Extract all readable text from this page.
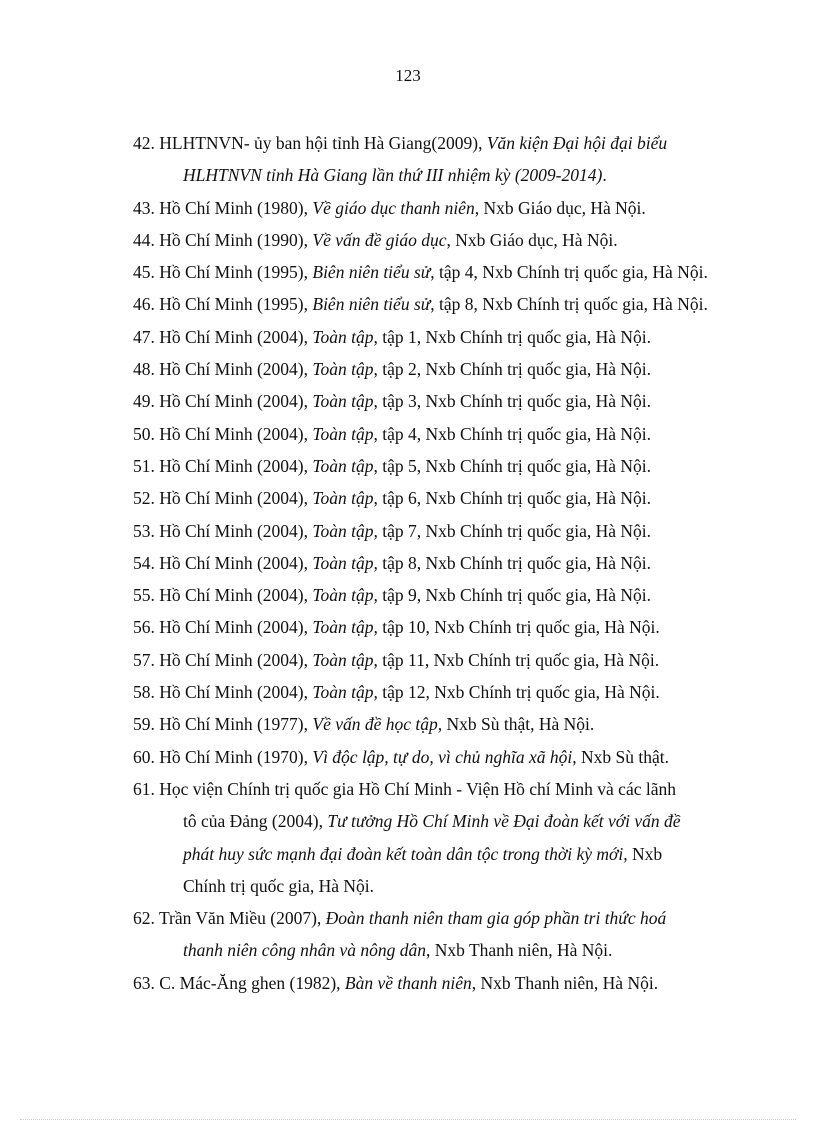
123
42. HLHTNVN- ủy ban hội tỉnh Hà Giang(2009), Văn kiện Đại hội đại biểu
HLHTNVN tỉnh Hà Giang lần thứ III nhiệm kỳ (2009-2014).
43. Hồ Chí Minh (1980), Về giáo dục thanh niên, Nxb Giáo dục, Hà Nội.
44. Hồ Chí Minh (1990), Về vấn đề giáo dục, Nxb Giáo dục, Hà Nội.
45. Hồ Chí Minh (1995), Biên niên tiểu sử, tập 4, Nxb Chính trị quốc gia, Hà Nội.
46. Hồ Chí Minh (1995), Biên niên tiểu sử, tập 8, Nxb Chính trị quốc gia, Hà Nội.
47. Hồ Chí Minh (2004), Toàn tập, tập 1, Nxb Chính trị quốc gia, Hà Nội.
48. Hồ Chí Minh (2004), Toàn tập, tập 2, Nxb Chính trị quốc gia, Hà Nội.
49. Hồ Chí Minh (2004), Toàn tập, tập 3, Nxb Chính trị quốc gia, Hà Nội.
50. Hồ Chí Minh (2004), Toàn tập, tập 4, Nxb Chính trị quốc gia, Hà Nội.
51. Hồ Chí Minh (2004), Toàn tập, tập 5, Nxb Chính trị quốc gia, Hà Nội.
52. Hồ Chí Minh (2004), Toàn tập, tập 6, Nxb Chính trị quốc gia, Hà Nội.
53. Hồ Chí Minh (2004), Toàn tập, tập 7, Nxb Chính trị quốc gia, Hà Nội.
54. Hồ Chí Minh (2004), Toàn tập, tập 8, Nxb Chính trị quốc gia, Hà Nội.
55. Hồ Chí Minh (2004), Toàn tập, tập 9, Nxb Chính trị quốc gia, Hà Nội.
56. Hồ Chí Minh (2004), Toàn tập, tập 10, Nxb Chính trị quốc gia, Hà Nội.
57. Hồ Chí Minh (2004), Toàn tập, tập 11, Nxb Chính trị quốc gia, Hà Nội.
58. Hồ Chí Minh (2004), Toàn tập, tập 12, Nxb Chính trị quốc gia, Hà Nội.
59. Hồ Chí Minh (1977), Về vấn đề học tập, Nxb Sù thật, Hà Nội.
60. Hồ Chí Minh (1970), Vì độc lập, tự do, vì chủ nghĩa xã hội, Nxb Sù thật.
61. Học viện Chính trị quốc gia Hồ Chí Minh - Viện Hồ chí Minh và các lãnh
tô của Đảng (2004), Tư tưởng Hồ Chí Minh về Đại đoàn kết với vấn đề
phát huy sức mạnh đại đoàn kết toàn dân tộc trong thời kỳ mới, Nxb
Chính trị quốc gia, Hà Nội.
62. Trần Văn Miều (2007), Đoàn thanh niên tham gia góp phần tri thức hoá
thanh niên công nhân và nông dân, Nxb Thanh niên, Hà Nội.
63. C. Mác-Ăng ghen (1982), Bàn về thanh niên, Nxb Thanh niên, Hà Nội.
